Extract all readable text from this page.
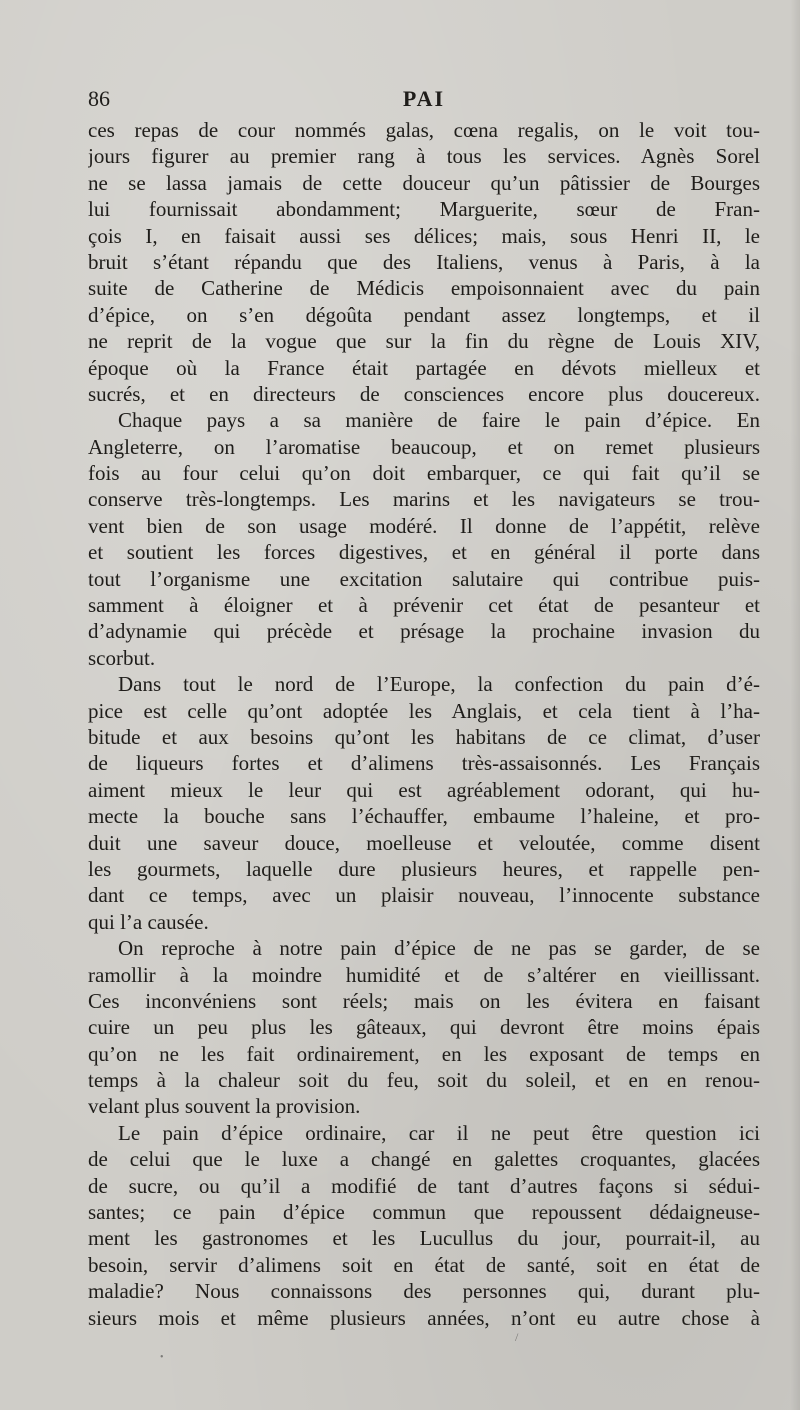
86	PAI
ces repas de cour nommés galas, cœna regalis, on le voit tou-
jours figurer au premier rang à tous les services. Agnès Sorel
ne se lassa jamais de cette douceur qu’un pâtissier de Bourges
lui fournissait abondamment; Marguerite, sœur de Fran-
çois I, en faisait aussi ses délices; mais, sous Henri II, le
bruit s’étant répandu que des Italiens, venus à Paris, à la
suite de Catherine de Médicis empoisonnaient avec du pain
d’épice, on s’en dégoûta pendant assez longtemps, et il
ne reprit de la vogue que sur la fin du règne de Louis XIV,
époque où la France était partagée en dévots mielleux et
sucrés, et en directeurs de consciences encore plus doucereux.
Chaque pays a sa manière de faire le pain d’épice. En
Angleterre, on l’aromatise beaucoup, et on remet plusieurs
fois au four celui qu’on doit embarquer, ce qui fait qu’il se
conserve très-longtemps. Les marins et les navigateurs se trou-
vent bien de son usage modéré. Il donne de l’appétit, relève
et soutient les forces digestives, et en général il porte dans
tout l’organisme une excitation salutaire qui contribue puis-
samment à éloigner et à prévenir cet état de pesanteur et
d’adynamie qui précède et présage la prochaine invasion du
scorbut.
Dans tout le nord de l’Europe, la confection du pain d’é-
pice est celle qu’ont adoptée les Anglais, et cela tient à l’ha-
bitude et aux besoins qu’ont les habitans de ce climat, d’user
de liqueurs fortes et d’alimens très-assaisonnés. Les Français
aiment mieux le leur qui est agréablement odorant, qui hu-
mecte la bouche sans l’échauffer, embaume l’haleine, et pro-
duit une saveur douce, moelleuse et veloutée, comme disent
les gourmets, laquelle dure plusieurs heures, et rappelle pen-
dant ce temps, avec un plaisir nouveau, l’innocente substance
qui l’a causée.
On reproche à notre pain d’épice de ne pas se garder, de se
ramollir à la moindre humidité et de s’altérer en vieillissant.
Ces inconvéniens sont réels; mais on les évitera en faisant
cuire un peu plus les gâteaux, qui devront être moins épais
qu’on ne les fait ordinairement, en les exposant de temps en
temps à la chaleur soit du feu, soit du soleil, et en en renou-
velant plus souvent la provision.
Le pain d’épice ordinaire, car il ne peut être question ici
de celui que le luxe a changé en galettes croquantes, glacées
de sucre, ou qu’il a modifié de tant d’autres façons si sédui-
santes; ce pain d’épice commun que repoussent dédaigneuse-
ment les gastronomes et les Lucullus du jour, pourrait-il, au
besoin, servir d’alimens soit en état de santé, soit en état de
maladie? Nous connaissons des personnes qui, durant plu-
sieurs mois et même plusieurs années, n’ont eu autre chose à
•
/
